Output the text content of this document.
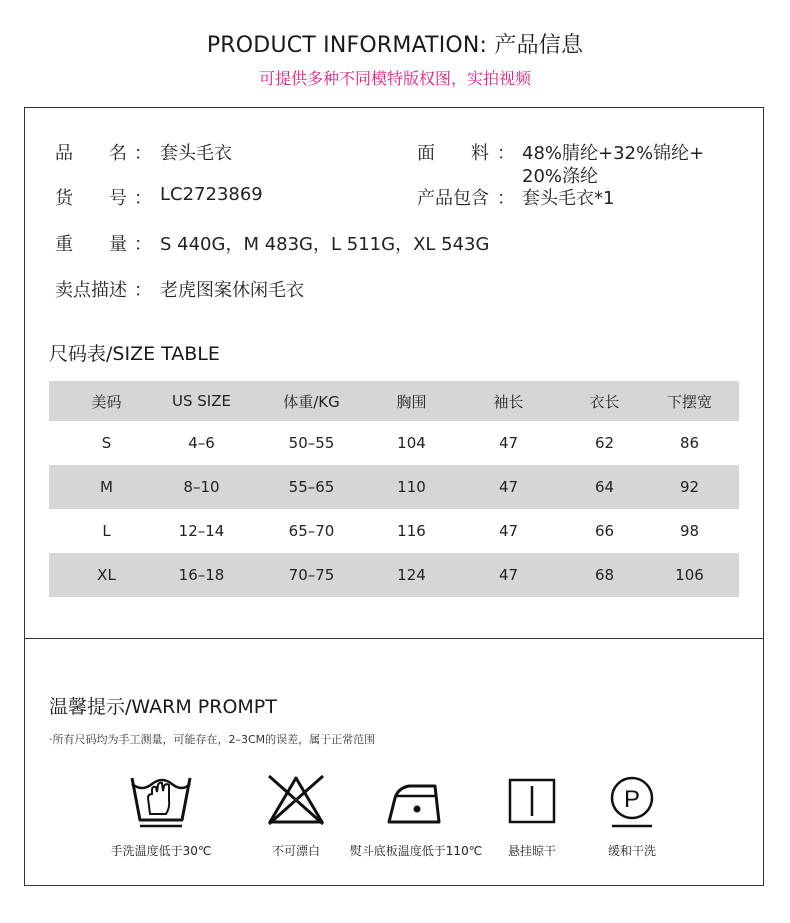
PRODUCT INFORMATION: 产品信息
可提供多种不同模特版权图，实拍视频
品　　名 ： 套头毛衣	面　　料 ： 48%腈纶+32%锦纶+
20%涤纶
货　　号 ： LC2723869	产品包含 ： 套头毛衣*1
重　　量 ： S 440G，M 483G，L 511G，XL 543G
卖点描述 ： 老虎图案休闲毛衣
尺码表/SIZE TABLE
美码	US SIZE	体重/KG	胸围	袖长	衣长	下摆宽
S	4–6	50–55	104	47	62	86
M	8–10	55–65	110	47	64	92
L	12–14	65–70	116	47	66	98
XL	16–18	70–75	124	47	68	106
温馨提示/WARM PROMPT
·所有尺码均为手工测量，可能存在，2–3CM的误差，属于正常范围
手洗温度低于30℃	不可漂白	熨斗底板温度低于110℃	悬挂晾干
P
缓和干洗
